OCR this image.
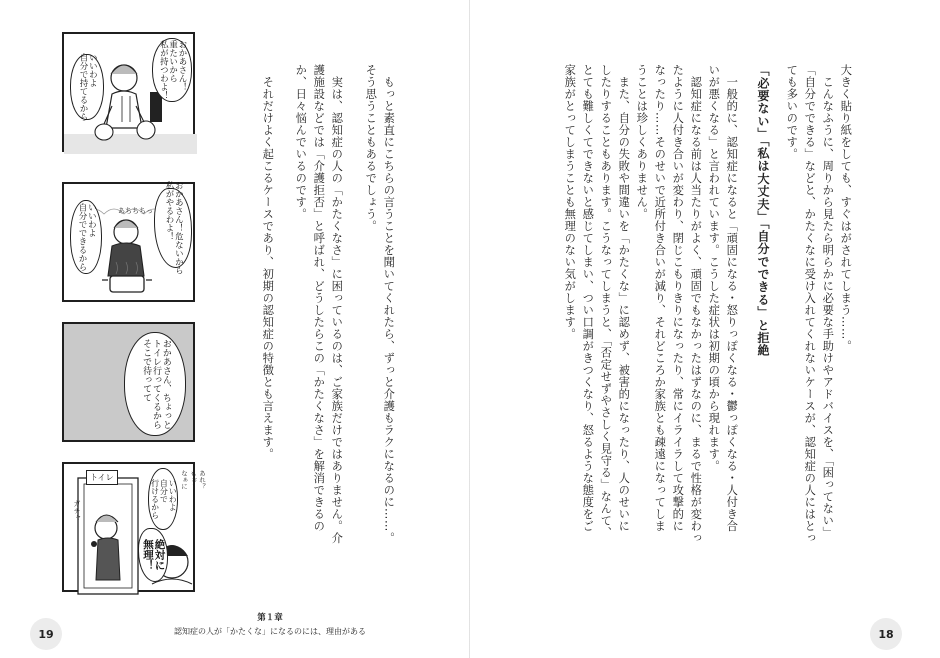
おかあさん！
重たいから
私が持つわよ！
いいわよ
自分で持てるから
おかあさん！危ないから
私がやるわよ！
いいわよ
自分でできるから	あちちちっ
おかあさん、ちょっと
トイレ行ってくるから
そこで待ってて
トイレ
いいわよ
自分で
行けるから
絶対に
無理！
あれ？
もぉー
なぁに
ガチャ	　もっと素直にこちらの言うことを聞いてくれたら、ずっと介護もラクになるのに……。
そう思うこともあるでしょう。
　実は、認知症の人の「かたくなさ」に困っているのは、ご家族だけではありません。介
護施設などでは「介護拒否」と呼ばれ、どうしたらこの「かたくなさ」を解消できるの
か、日々悩んでいるのです。
　それだけよく起こるケースであり、初期の認知症の特徴とも言えます。
19
第１章
認知症の人が「かたくな」になるのには、理由がある
大きく貼り紙をしても、すぐはがされてしまう……。
　こんなふうに、周りから見たら明らかに必要な手助けやアドバイスを、「困ってない」
「自分でできる」などと、かたくなに受け入れてくれないケースが、認知症の人にはとっ
ても多いのです。
「必要ない」「私は大丈夫」「自分でできる」と拒絶
　一般的に、認知症になると「頑固になる・怒りっぽくなる・鬱っぽくなる・人付き合
いが悪くなる」と言われています。こうした症状は初期の頃から現れます。
　認知症になる前は人当たりがよく、頑固でもなかったはずなのに、まるで性格が変わっ
たように人付き合いが変わり、閉じこもりきりになったり、常にイライラして攻撃的に
なったり……そのせいで近所付き合いが減り、それどころか家族とも疎遠になってしま
うことは珍しくありません。
　また、自分の失敗や間違いを「かたくな」に認めず、被害的になったり、人のせいに
したりすることもあります。こうなってしまうと、「否定せずやさしく見守る」なんて、
とても難しくてできないと感じてしまい、つい口調がきつくなり、怒るような態度をご
家族がとってしまうことも無理のない気がします。
18
